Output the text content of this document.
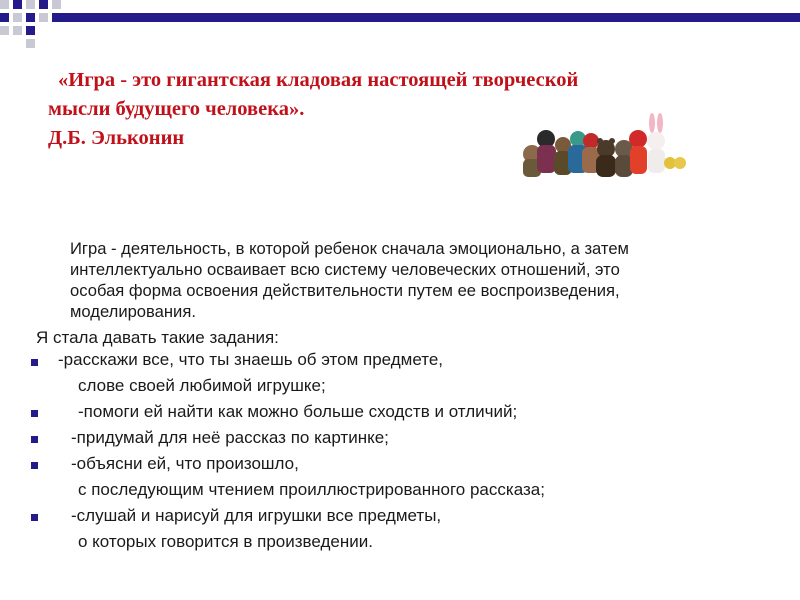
«Игра - это гигантская кладовая настоящей творческой
мысли будущего человека».
Д.Б. Эльконин
Игра - деятельность, в которой ребенок сначала эмоционально, а затем
интеллектуально осваивает всю систему человеческих отношений, это
особая форма освоения действительности путем ее воспроизведения,
моделирования.
Я стала давать такие задания:
-расскажи все, что ты знаешь об этом предмете,
слове своей любимой игрушке;
-помоги ей найти как можно больше сходств и отличий;
-придумай для неё рассказ по картинке;
-объясни ей, что произошло,
с последующим чтением проиллюстрированного рассказа;
-слушай и нарисуй для игрушки все предметы,
о которых говорится в произведении.
